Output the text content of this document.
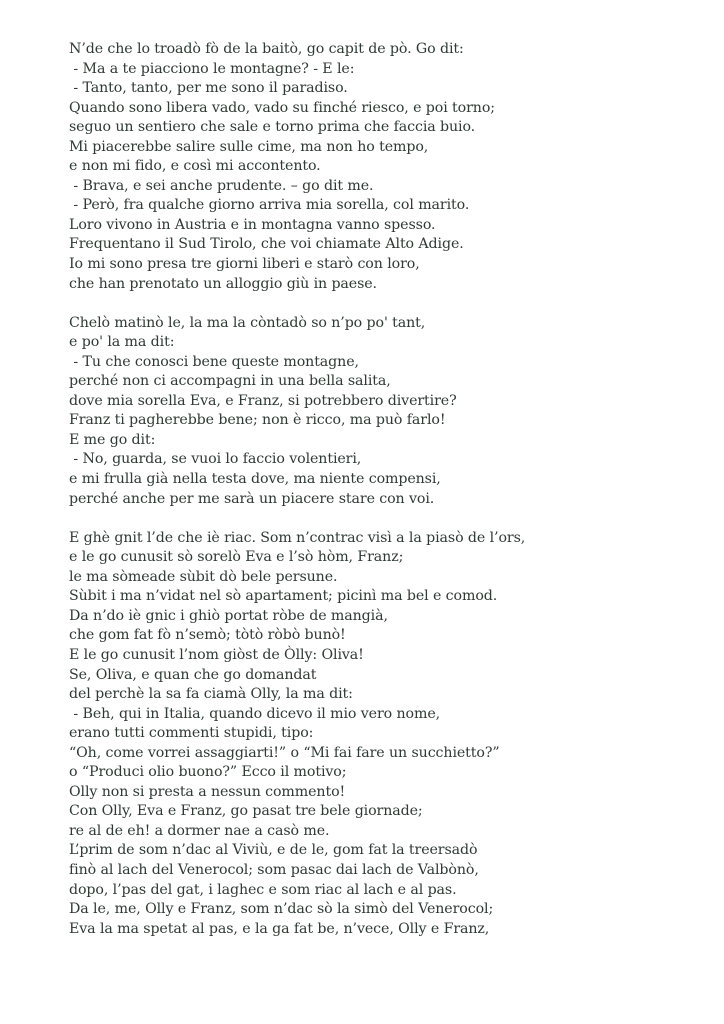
N’de che lo troadò fò de la baitò, go capit de pò. Go dit:
- Ma a te piacciono le montagne? - E le:
- Tanto, tanto, per me sono il paradiso.
Quando sono libera vado, vado su finché riesco, e poi torno;
seguo un sentiero che sale e torno prima che faccia buio.
Mi piacerebbe salire sulle cime, ma non ho tempo,
e non mi fido, e così mi accontento.
- Brava, e sei anche prudente. – go dit me.
- Però, fra qualche giorno arriva mia sorella, col marito.
Loro vivono in Austria e in montagna vanno spesso.
Frequentano il Sud Tirolo, che voi chiamate Alto Adige.
Io mi sono presa tre giorni liberi e starò con loro,
che han prenotato un alloggio giù in paese.
Chelò matinò le, la ma la còntadò so n’po po' tant,
e po' la ma dit:
- Tu che conosci bene queste montagne,
perché non ci accompagni in una bella salita,
dove mia sorella Eva, e Franz, si potrebbero divertire?
Franz ti pagherebbe bene; non è ricco, ma può farlo!
E me go dit:
- No, guarda, se vuoi lo faccio volentieri,
e mi frulla già nella testa dove, ma niente compensi,
perché anche per me sarà un piacere stare con voi.
E ghè gnit l’de che iè riac. Som n’contrac visì a la piasò de l’ors,
e le go cunusit sò sorelò Eva e l’sò hòm, Franz;
le ma sòmeade sùbit dò bele persune.
Sùbit i ma n’vidat nel sò apartament; picinì ma bel e comod.
Da n’do iè gnic i ghiò portat ròbe de mangià,
che gom fat fò n’semò; tòtò ròbò bunò!
E le go cunusit l’nom giòst de Òlly: Oliva!
Se, Oliva, e quan che go domandat
del perchè la sa fa ciamà Olly, la ma dit:
- Beh, qui in Italia, quando dicevo il mio vero nome,
erano tutti commenti stupidi, tipo:
“Oh, come vorrei assaggiarti!” o “Mi fai fare un succhietto?”
o “Produci olio buono?” Ecco il motivo;
Olly non si presta a nessun commento!
Con Olly, Eva e Franz, go pasat tre bele giornade;
re al de eh! a dormer nae a casò me.
L’prim de som n’dac al Viviù, e de le, gom fat la treersadò
finò al lach del Venerocol; som pasac dai lach de Valbònò,
dopo, l’pas del gat, i laghec e som riac al lach e al pas.
Da le, me, Olly e Franz, som n’dac sò la simò del Venerocol;
Eva la ma spetat al pas, e la ga fat be, n’vece, Olly e Franz,
